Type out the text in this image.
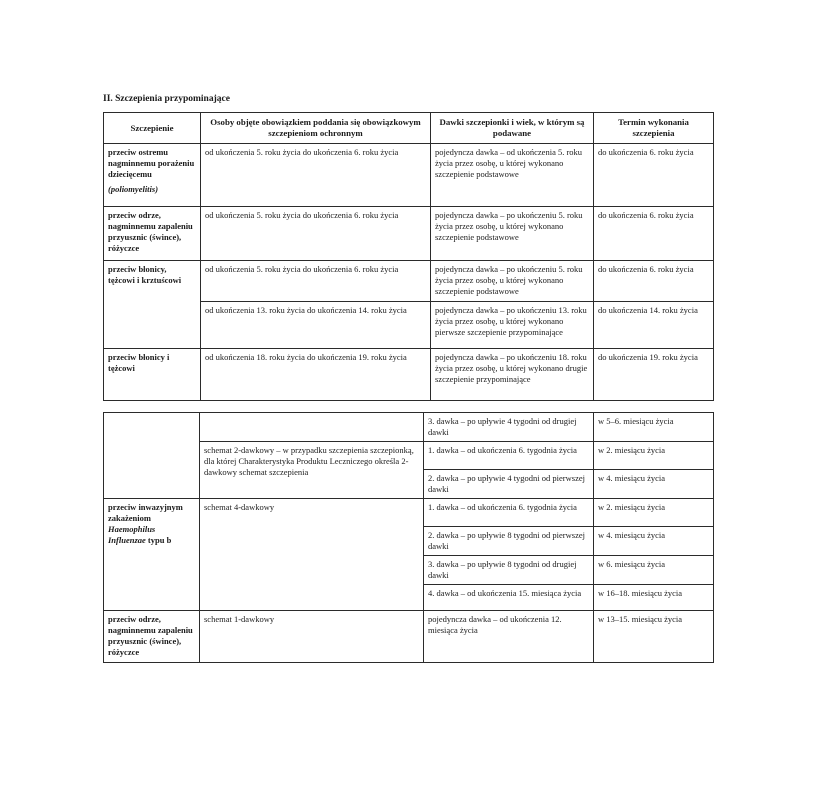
II. Szczepienia przypominające
Szczepienie	Osoby objęte obowiązkiem poddania się obowiązkowym szczepieniom ochronnym	Dawki szczepionki i wiek, w którym są podawane	Termin wykonania szczepienia
przeciw ostremu nagminnemu porażeniu dziecięcemu
(poliomyelitis)	od ukończenia 5. roku życia do ukończenia 6. roku życia	pojedyncza dawka – od ukończenia 5. roku życia przez osobę, u której wykonano szczepienie podstawowe	do ukończenia 6. roku życia
przeciw odrze, nagminnemu zapaleniu przyusznic (śwince), różyczce	od ukończenia 5. roku życia do ukończenia 6. roku życia	pojedyncza dawka – po ukończeniu 5. roku życia przez osobę, u której wykonano szczepienie podstawowe	do ukończenia 6. roku życia
przeciw błonicy, tężcowi i krztuścowi	od ukończenia 5. roku życia do ukończenia 6. roku życia	pojedyncza dawka – po ukończeniu 5. roku życia przez osobę, u której wykonano szczepienie podstawowe	do ukończenia 6. roku życia
	od ukończenia 13. roku życia do ukończenia 14. roku życia	pojedyncza dawka – po ukończeniu 13. roku życia przez osobę, u której wykonano pierwsze szczepienie przypominające	do ukończenia 14. roku życia
przeciw błonicy i tężcowi	od ukończenia 18. roku życia do ukończenia 19. roku życia	pojedyncza dawka – po ukończeniu 18. roku życia przez osobę, u której wykonano drugie szczepienie przypominające	do ukończenia 19. roku życia
		3. dawka – po upływie 4 tygodni od drugiej dawki	w 5–6. miesiącu życia
	schemat 2-dawkowy – w przypadku szczepienia szczepionką, dla której Charakterystyka Produktu Leczniczego określa 2-dawkowy schemat szczepienia	1. dawka – od ukończenia 6. tygodnia życia	w 2. miesiącu życia
		2. dawka – po upływie 4 tygodni od pierwszej dawki	w 4. miesiącu życia
przeciw inwazyjnym zakażeniom Haemophilus Influenzae typu b	schemat 4-dawkowy	1. dawka – od ukończenia 6. tygodnia życia	w 2. miesiącu życia
		2. dawka – po upływie 8 tygodni od pierwszej dawki	w 4. miesiącu życia
		3. dawka – po upływie 8 tygodni od drugiej dawki	w 6. miesiącu życia
		4. dawka – od ukończenia 15. miesiąca życia	w 16–18. miesiącu życia
przeciw odrze, nagminnemu zapaleniu przyusznic (śwince), różyczce	schemat 1-dawkowy	pojedyncza dawka – od ukończenia 12. miesiąca życia	w 13–15. miesiącu życia
